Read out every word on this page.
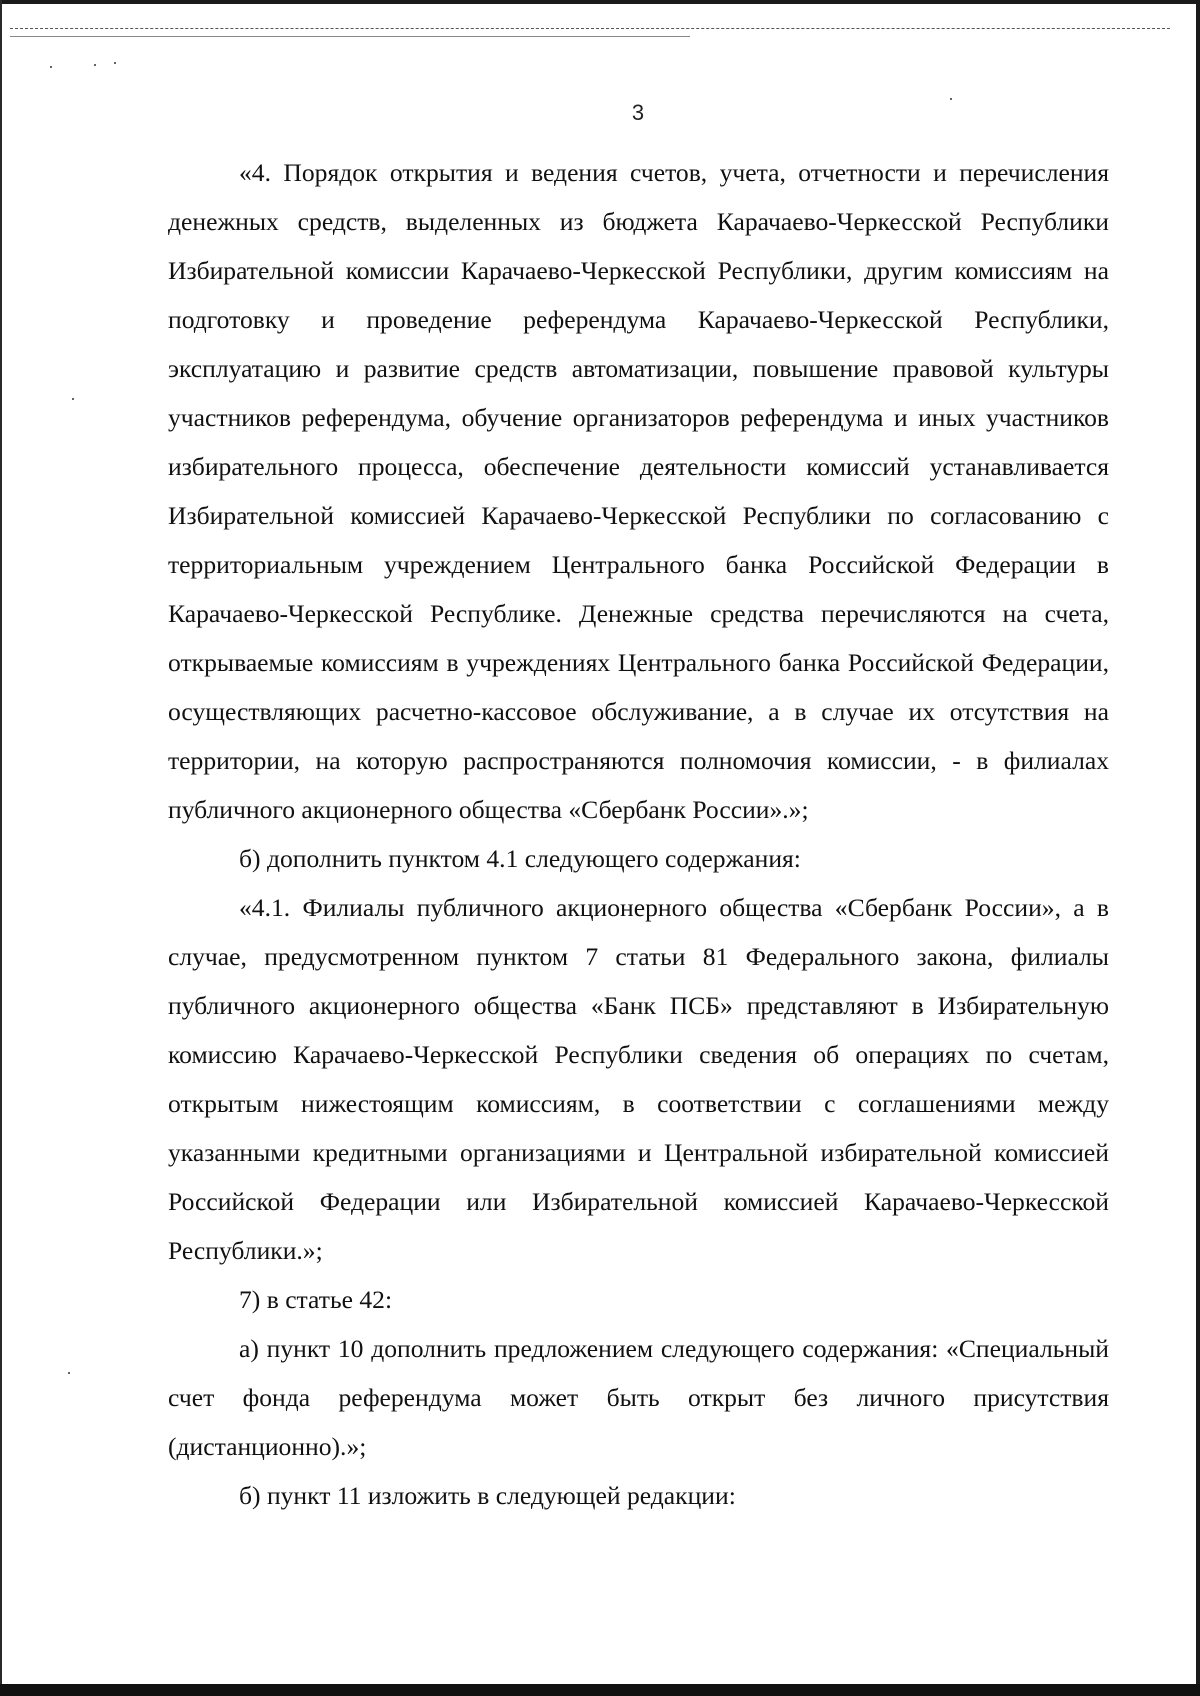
3

«4. Порядок открытия и ведения счетов, учета, отчетности и перечисления денежных средств, выделенных из бюджета Карачаево-Черкесской Республики Избирательной комиссии Карачаево-Черкесской Республики, другим комиссиям на подготовку и проведение референдума Карачаево-Черкесской Республики, эксплуатацию и развитие средств автоматизации, повышение правовой культуры участников референдума, обучение организаторов референдума и иных участников избирательного процесса, обеспечение деятельности комиссий устанавливается Избирательной комиссией Карачаево-Черкесской Республики по согласованию с территориальным учреждением Центрального банка Российской Федерации в Карачаево-Черкесской Республике. Денежные средства перечисляются на счета, открываемые комиссиям в учреждениях Центрального банка Российской Федерации, осуществляющих расчетно-кассовое обслуживание, а в случае их отсутствия на территории, на которую распространяются полномочия комиссии, - в филиалах публичного акционерного общества «Сбербанк России».»;

б) дополнить пунктом 4.1 следующего содержания:

«4.1. Филиалы публичного акционерного общества «Сбербанк России», а в случае, предусмотренном пунктом 7 статьи 81 Федерального закона, филиалы публичного акционерного общества «Банк ПСБ» представляют в Избирательную комиссию Карачаево-Черкесской Республики сведения об операциях по счетам, открытым нижестоящим комиссиям, в соответствии с соглашениями между указанными кредитными организациями и Центральной избирательной комиссией Российской Федерации или Избирательной комиссией Карачаево-Черкесской Республики.»;

7) в статье 42:

а) пункт 10 дополнить предложением следующего содержания: «Специальный счет фонда референдума может быть открыт без личного присутствия (дистанционно).»;

б) пункт 11 изложить в следующей редакции:
